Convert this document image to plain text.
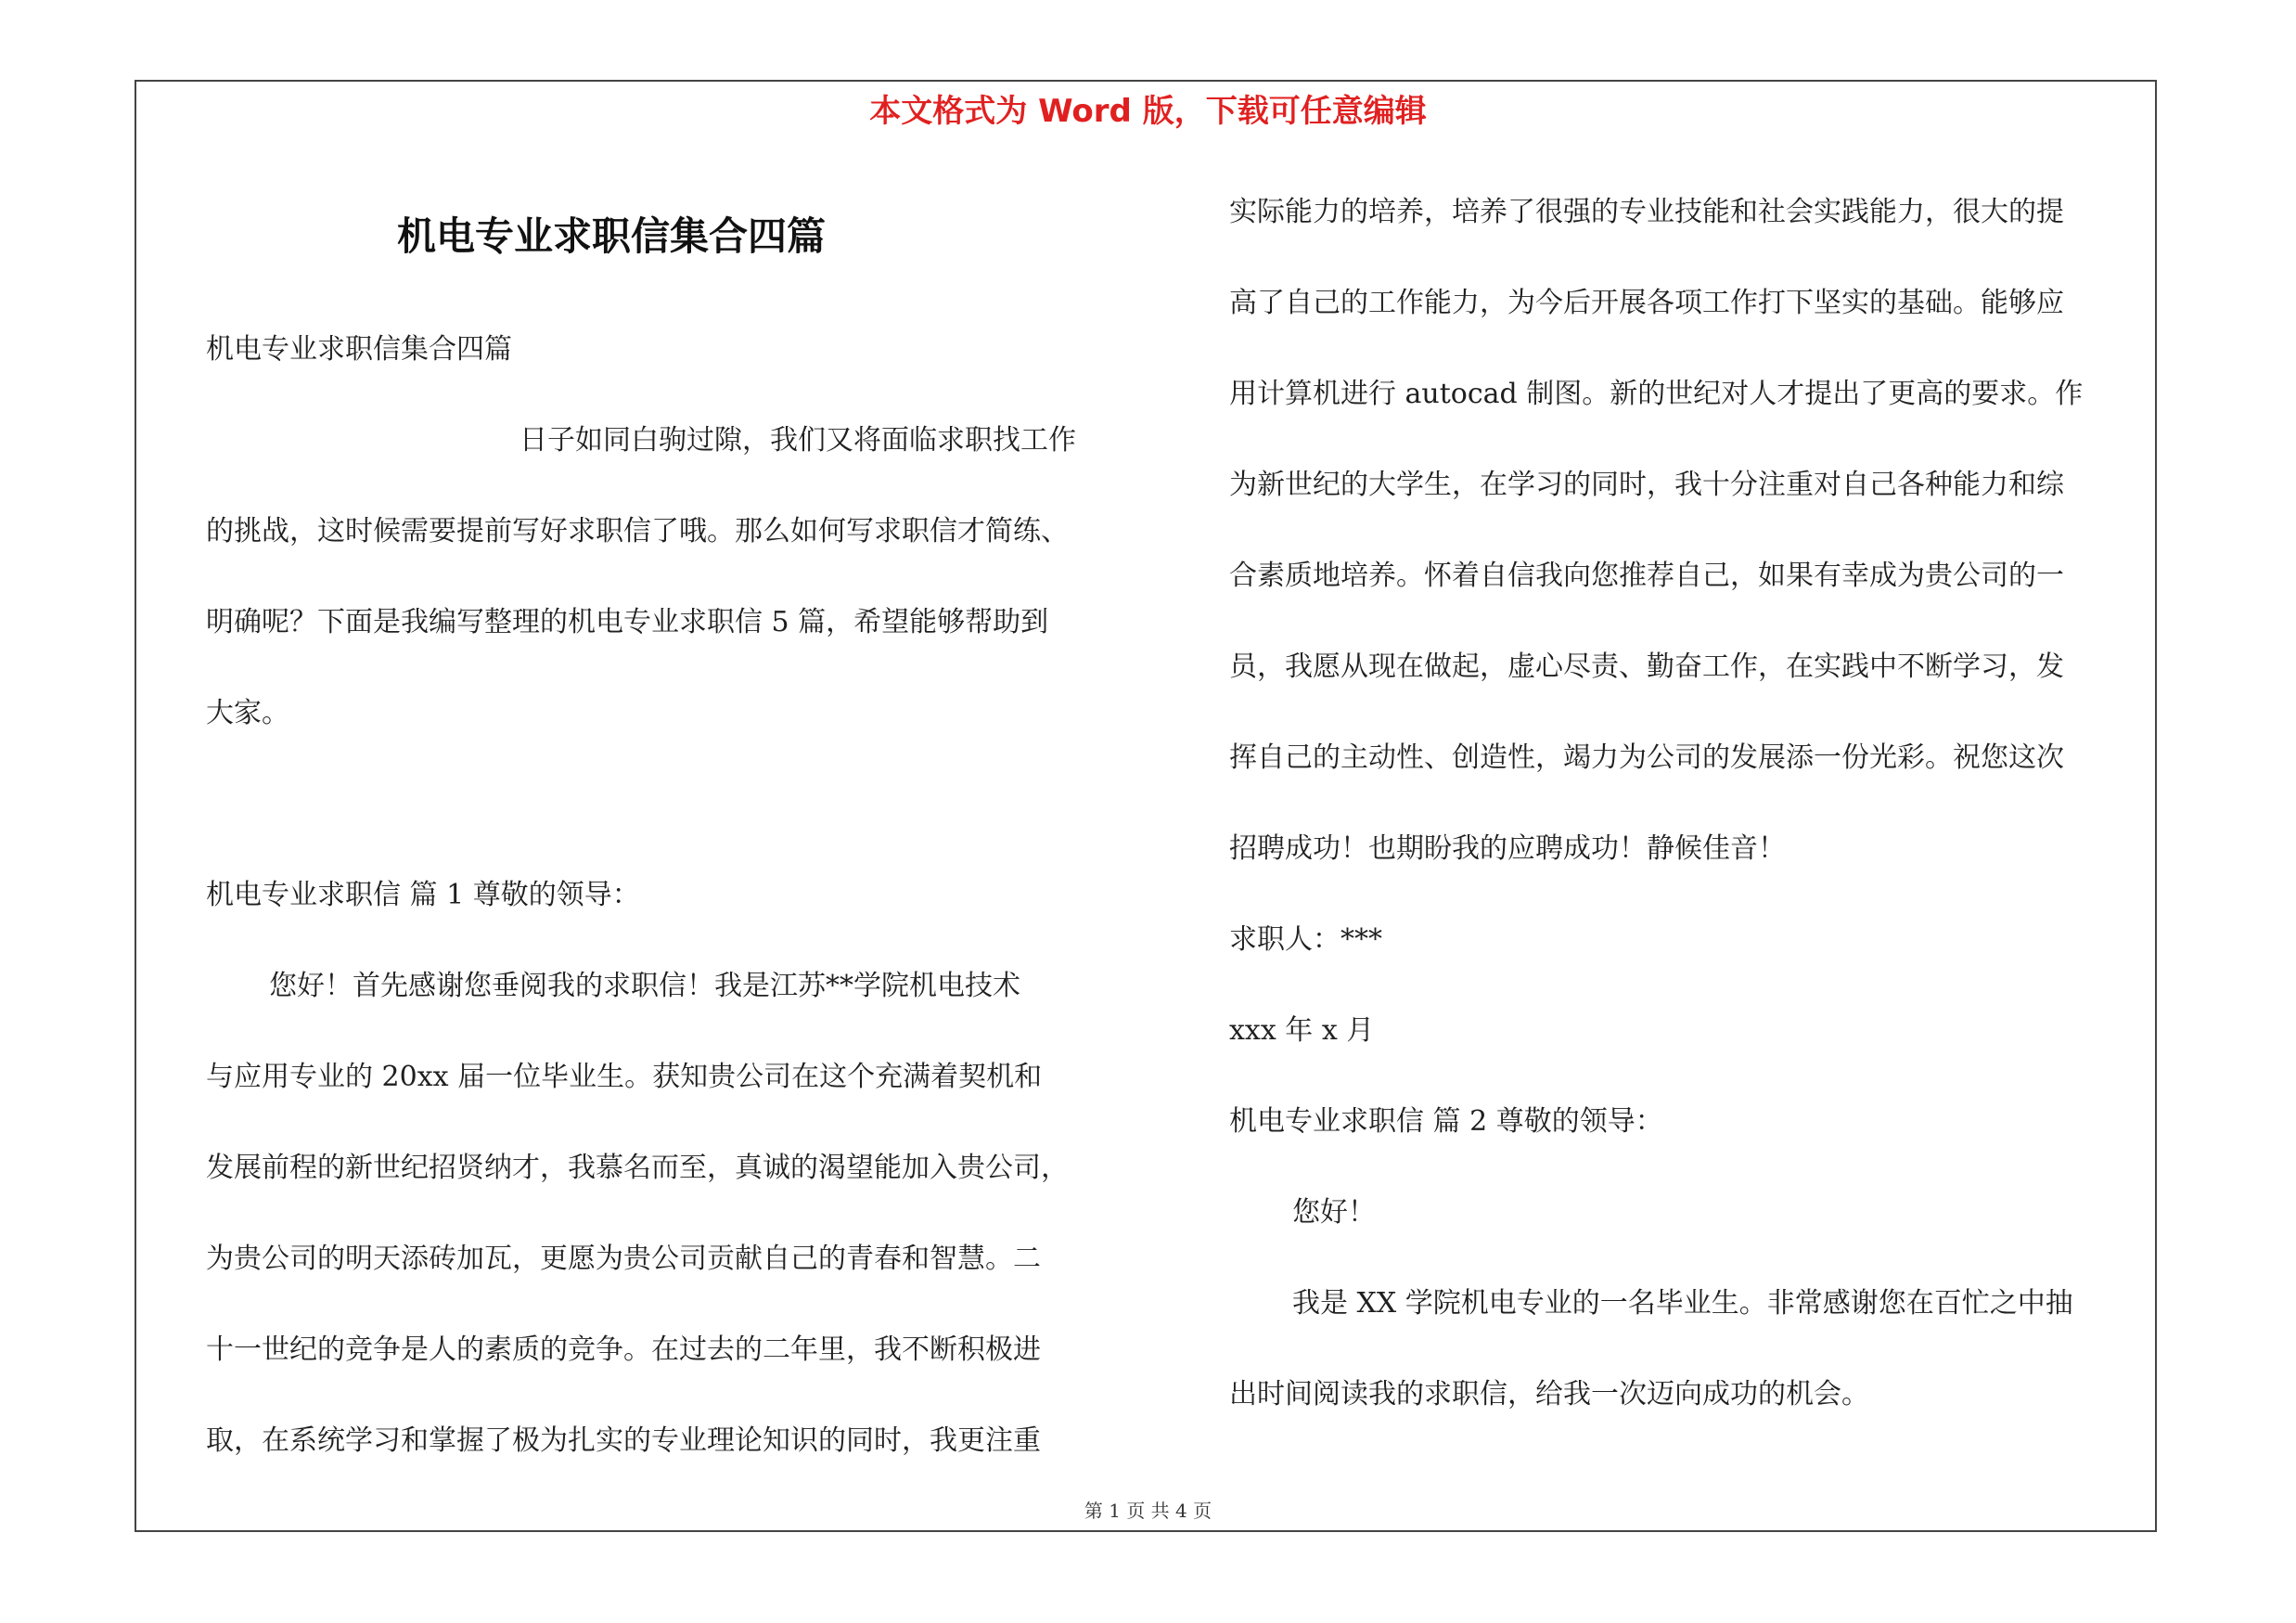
本文格式为 Word 版，下载可任意编辑
机电专业求职信集合四篇
机电专业求职信集合四篇
日子如同白驹过隙，我们又将面临求职找工作
的挑战，这时候需要提前写好求职信了哦。那么如何写求职信才简练、
明确呢？下面是我编写整理的机电专业求职信 5 篇，希望能够帮助到
大家。
机电专业求职信 篇 1 尊敬的领导：
您好！首先感谢您垂阅我的求职信！我是江苏**学院机电技术
与应用专业的 20xx 届一位毕业生。获知贵公司在这个充满着契机和
发展前程的新世纪招贤纳才，我慕名而至，真诚的渴望能加入贵公司，
为贵公司的明天添砖加瓦，更愿为贵公司贡献自己的青春和智慧。二
十一世纪的竞争是人的素质的竞争。在过去的二年里，我不断积极进
取，在系统学习和掌握了极为扎实的专业理论知识的同时，我更注重
实际能力的培养，培养了很强的专业技能和社会实践能力，很大的提
高了自己的工作能力，为今后开展各项工作打下坚实的基础。能够应
用计算机进行 autocad 制图。新的世纪对人才提出了更高的要求。作
为新世纪的大学生，在学习的同时，我十分注重对自己各种能力和综
合素质地培养。怀着自信我向您推荐自己，如果有幸成为贵公司的一
员，我愿从现在做起，虚心尽责、勤奋工作，在实践中不断学习，发
挥自己的主动性、创造性，竭力为公司的发展添一份光彩。祝您这次
招聘成功！也期盼我的应聘成功！静候佳音！
求职人：***
xxx 年 x 月
机电专业求职信 篇 2 尊敬的领导：
您好！
我是 XX 学院机电专业的一名毕业生。非常感谢您在百忙之中抽
出时间阅读我的求职信，给我一次迈向成功的机会。
第 1 页 共 4 页
